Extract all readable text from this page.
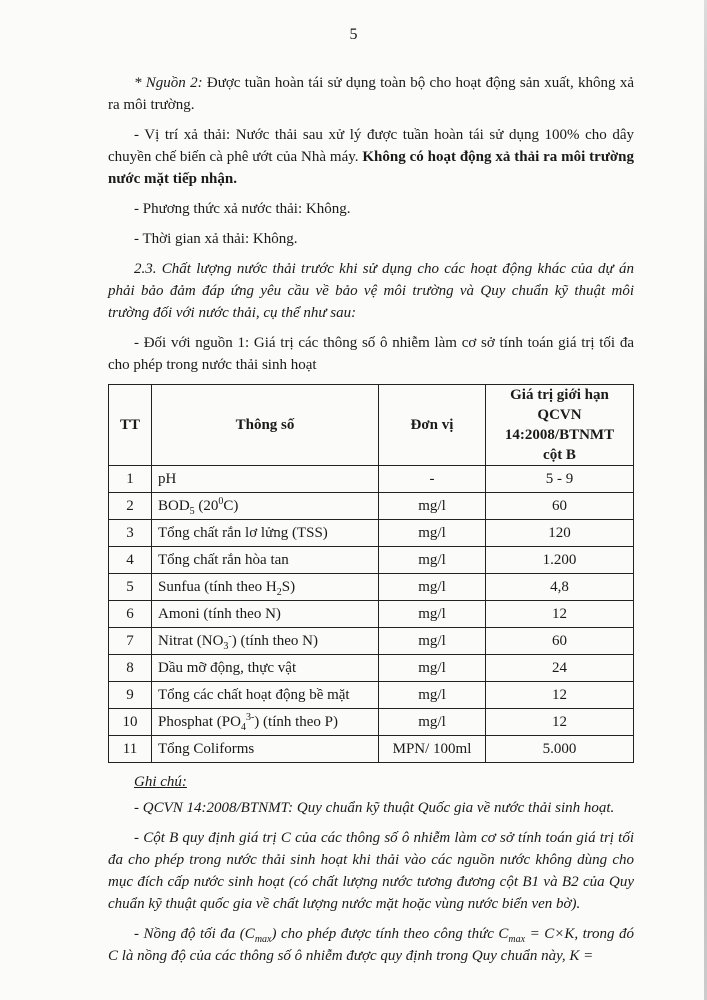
5

* Nguồn 2: Được tuần hoàn tái sử dụng toàn bộ cho hoạt động sản xuất, không xả ra môi trường.

- Vị trí xả thải: Nước thải sau xử lý được tuần hoàn tái sử dụng 100% cho dây chuyền chế biến cà phê ướt của Nhà máy. Không có hoạt động xả thải ra môi trường nước mặt tiếp nhận.

- Phương thức xả nước thải: Không.

- Thời gian xả thải: Không.

2.3. Chất lượng nước thải trước khi sử dụng cho các hoạt động khác của dự án phải bảo đảm đáp ứng yêu cầu về bảo vệ môi trường và Quy chuẩn kỹ thuật môi trường đối với nước thải, cụ thể như sau:

- Đối với nguồn 1: Giá trị các thông số ô nhiễm làm cơ sở tính toán giá trị tối đa cho phép trong nước thải sinh hoạt

TT	Thông số	Đơn vị	Giá trị giới hạn
QCVN 14:2008/BTNMT
cột B

1	pH	-	5 - 9
2	$BOD_5$ $(20^0C)$	mg/l	60
3	Tổng chất rắn lơ lửng (TSS)	mg/l	120
4	Tổng chất rắn hòa tan	mg/l	1.200
5	Sunfua (tính theo $H_2S$)	mg/l	4,8
6	Amoni (tính theo N)	mg/l	12
7	Nitrat $(NO_3^-)$ (tính theo N)	mg/l	60
8	Dầu mỡ động, thực vật	mg/l	24
9	Tổng các chất hoạt động bề mặt	mg/l	12
10	Phosphat $(PO_4^{3-})$ (tính theo P)	mg/l	12
11	Tổng Coliforms	MPN/ 100ml	5.000

Ghi chú:

- QCVN 14:2008/BTNMT: Quy chuẩn kỹ thuật Quốc gia về nước thải sinh hoạt.

- Cột B quy định giá trị C của các thông số ô nhiễm làm cơ sở tính toán giá trị tối đa cho phép trong nước thải sinh hoạt khi thải vào các nguồn nước không dùng cho mục đích cấp nước sinh hoạt (có chất lượng nước tương đương cột B1 và B2 của Quy chuẩn kỹ thuật quốc gia về chất lượng nước mặt hoặc vùng nước biển ven bờ).

- Nồng độ tối đa $(C_{max})$ cho phép được tính theo công thức $C_{max} = C\times K$, trong đó C là nồng độ của các thông số ô nhiễm được quy định trong Quy chuẩn này, K =
